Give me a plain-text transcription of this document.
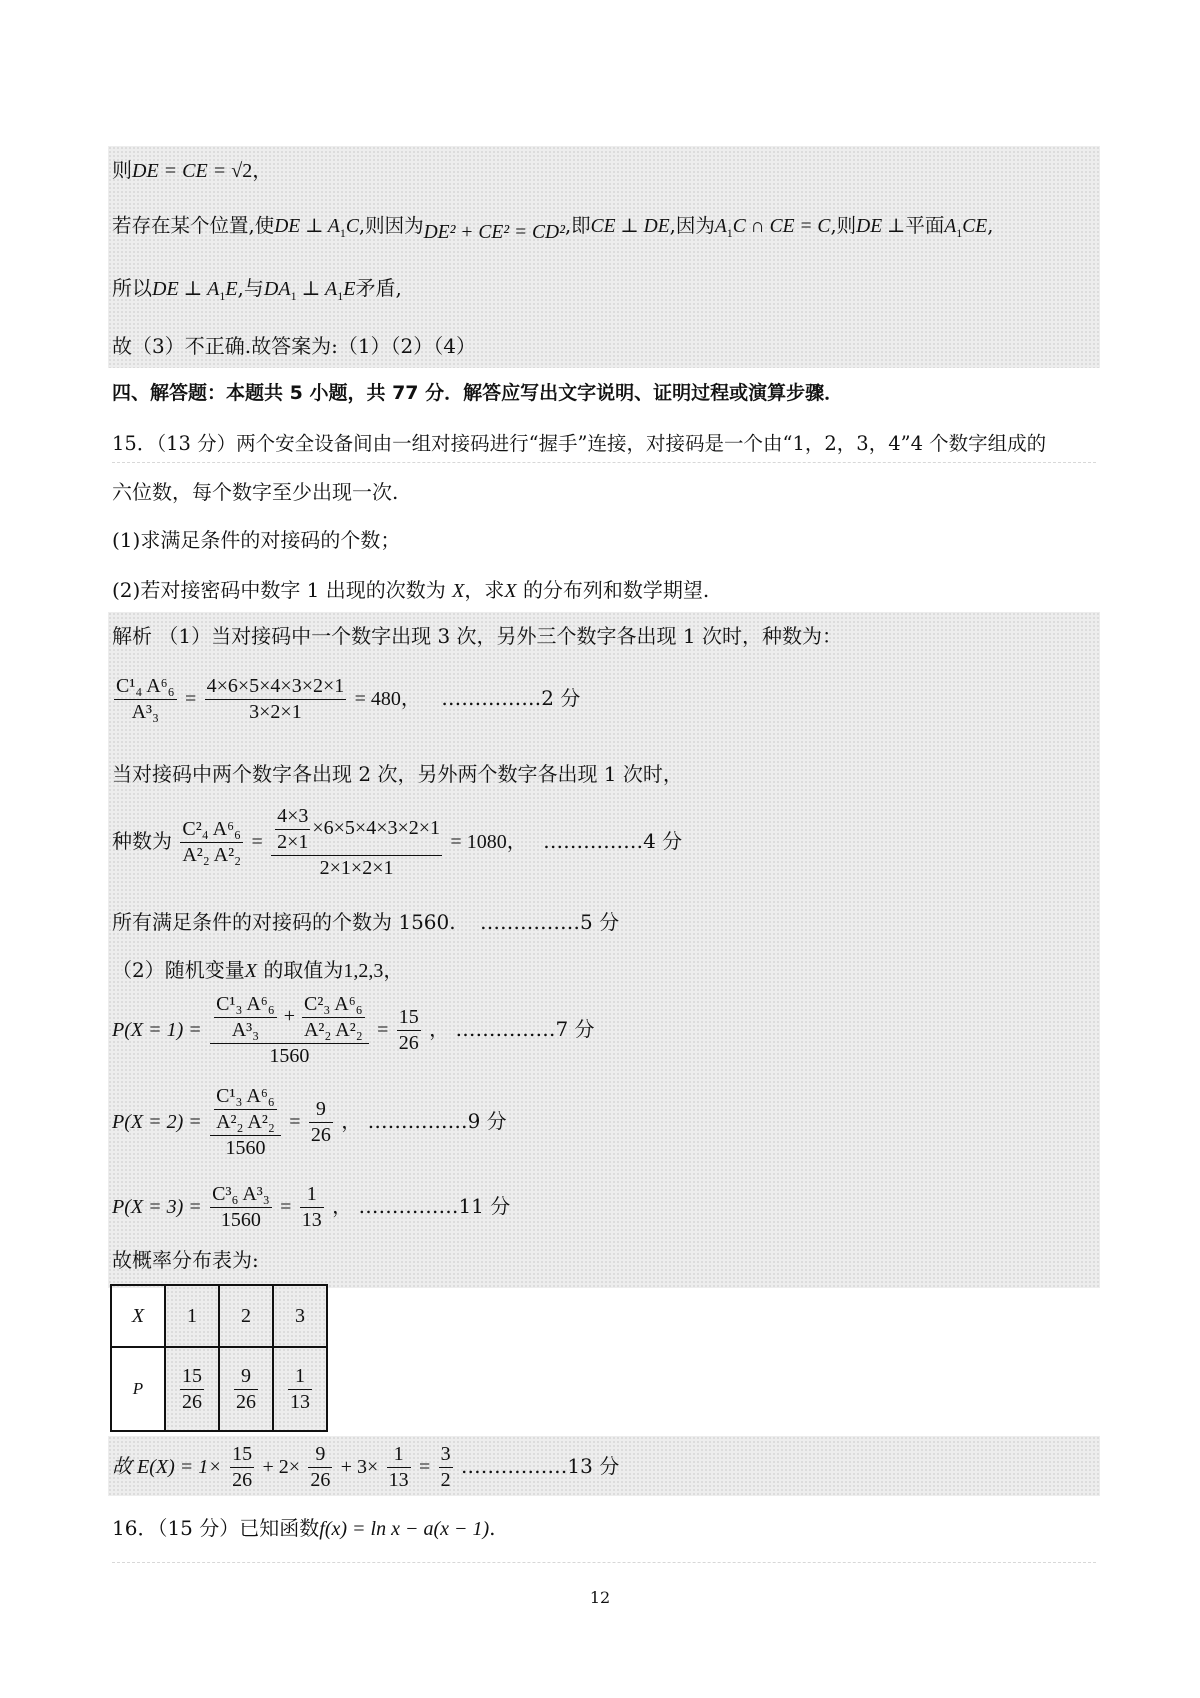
则DE = CE = √2，
若存在某个位置,使DE ⊥ $A_1C$,则因为DE² + CE² = CD²,即CE ⊥ DE,因为$A_1C$ ∩ CE = C,则DE ⊥平面$A_1CE$,
所以DE ⊥ $A_1E$,与$DA_1$ ⊥ $A_1E$矛盾,
故（3）不正确.故答案为:（1）（2）（4）
四、解答题：本题共 5 小题，共 77 分．解答应写出文字说明、证明过程或演算步骤．
15．（13 分）两个安全设备间由一组对接码进行“握手”连接，对接码是一个由“1，2，3，4”4 个数字组成的
六位数，每个数字至少出现一次.
(1)求满足条件的对接码的个数；
(2)若对接密码中数字 1 出现的次数为 X，求X 的分布列和数学期望.
解析 （1）当对接码中一个数字出现 3 次，另外三个数字各出现 1 次时，种数为：
$\frac{\text{C¹₄ A⁶₆}}{\text{A³₃}} = \frac{4\times 6\times 5\times 4\times 3\times 2\times 1}{3\times 2\times 1} = 480$， ……………2 分
当对接码中两个数字各出现 2 次，另外两个数字各出现 1 次时，
种数为 $\frac{\text{C²₄ A⁶₆}}{\text{A²₂ A²₂}} = \frac{\frac{4\times 3}{2\times 1} \times 6\times 5\times 4\times 3\times 2\times 1}{2\times 1\times 2\times 1} = 1080$， ……………4 分
所有满足条件的对接码的个数为 1560. ……………5 分
（2）随机变量X 的取值为1,2,3，
$P(X = 1) = \frac{\frac{\text{C¹₃ A⁶₆}}{\text{A³₃}} + \frac{\text{C²₃ A⁶₆}}{\text{A²₂ A²₂}}}{1560} = \frac{15}{26}$ ， ……………7 分
$P(X = 2) = \frac{\frac{\text{C¹₃ A⁶₆}}{\text{A²₂ A²₂}}}{1560} = \frac{9}{26}$ ， ……………9 分
$P(X = 3) = \frac{\text{C³₆ A³₃}}{1560} = \frac{1}{13}$ ， ……………11 分
故概率分布表为:
X	1	2	3
P	$\frac{15}{26}$	$\frac{9}{26}$	$\frac{1}{13}$
故 $E(X) = 1\times \frac{15}{26} + 2\times \frac{9}{26} + 3\times \frac{1}{13} = \frac{3}{2}$ .……………13 分
16．（15 分）已知函数f(x) = ln x − a(x − 1).
12
